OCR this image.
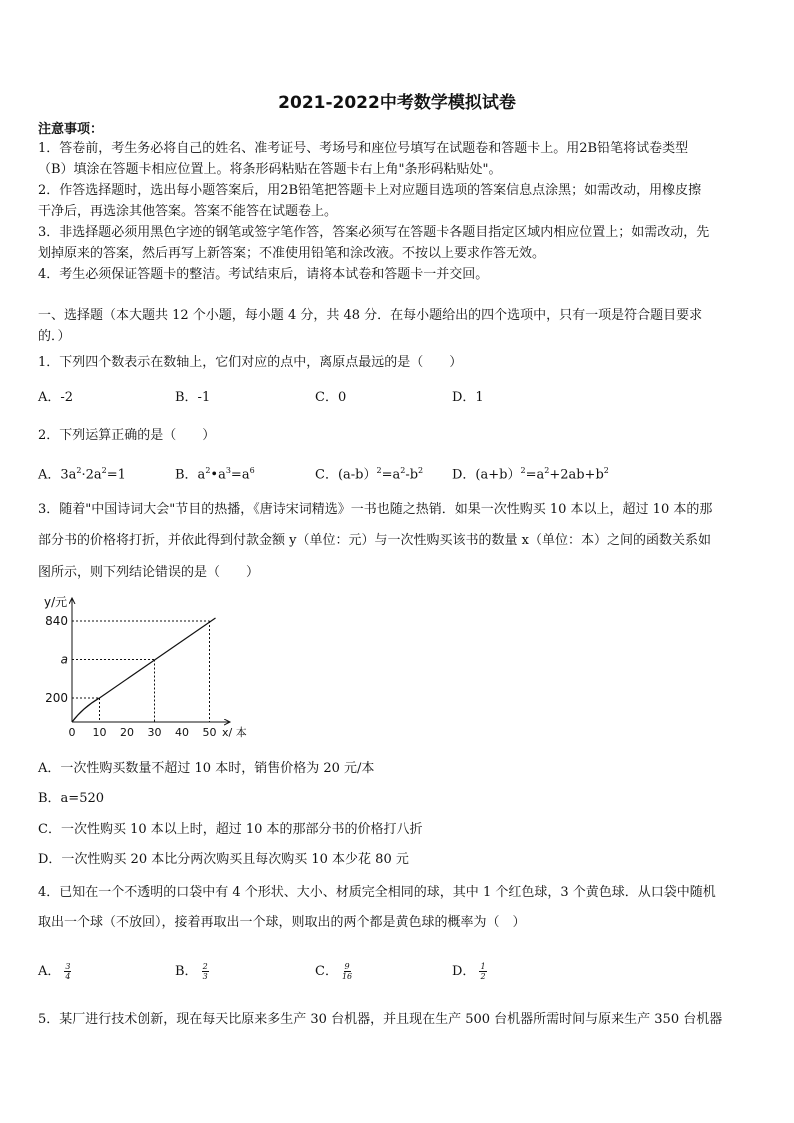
2021-2022中考数学模拟试卷
注意事项：
1．答卷前，考生务必将自己的姓名、准考证号、考场号和座位号填写在试题卷和答题卡上。用2B铅笔将试卷类型
（B）填涂在答题卡相应位置上。将条形码粘贴在答题卡右上角"条形码粘贴处"。
2．作答选择题时，选出每小题答案后，用2B铅笔把答题卡上对应题目选项的答案信息点涂黑；如需改动，用橡皮擦
干净后，再选涂其他答案。答案不能答在试题卷上。
3．非选择题必须用黑色字迹的钢笔或签字笔作答，答案必须写在答题卡各题目指定区域内相应位置上；如需改动，先
划掉原来的答案，然后再写上新答案；不准使用铅笔和涂改液。不按以上要求作答无效。
4．考生必须保证答题卡的整洁。考试结束后，请将本试卷和答题卡一并交回。
一、选择题（本大题共 12 个小题，每小题 4 分，共 48 分．在每小题给出的四个选项中，只有一项是符合题目要求
的．）
1．下列四个数表示在数轴上，它们对应的点中，离原点最远的是（　　）
A．-2	B．-1	C．0	D．1
2．下列运算正确的是（　　）
A．$3a^2\cdot 2a^2=1$	B．$a^2•a^3=a^6$	C．$(a-b)^2=a^2-b^2$ D．$(a+b)^2=a^2+2ab+b^2$
3．随着"中国诗词大会"节目的热播，《唐诗宋词精选》一书也随之热销．如果一次性购买 10 本以上，超过 10 本的那
部分书的价格将打折，并依此得到付款金额 y（单位：元）与一次性购买该书的数量 x（单位：本）之间的函数关系如
图所示，则下列结论错误的是（　　）
0 10 20 30 40 50 x/ 本
y/元
200
a
840
A．一次性购买数量不超过 10 本时，销售价格为 20 元/本
B．a=520
C．一次性购买 10 本以上时，超过 10 本的那部分书的价格打八折
D．一次性购买 20 本比分两次购买且每次购买 10 本少花 80 元
4．已知在一个不透明的口袋中有 4 个形状、大小、材质完全相同的球，其中 1 个红色球，3 个黄色球．从口袋中随机
取出一个球（不放回），接着再取出一个球，则取出的两个都是黄色球的概率为（　）
A． $\frac{3}{4}$	B． $\frac{2}{3}$	C． $\frac{9}{16}$	D． $\frac{1}{2}$
5．某厂进行技术创新，现在每天比原来多生产 30 台机器，并且现在生产 500 台机器所需时间与原来生产 350 台机器
